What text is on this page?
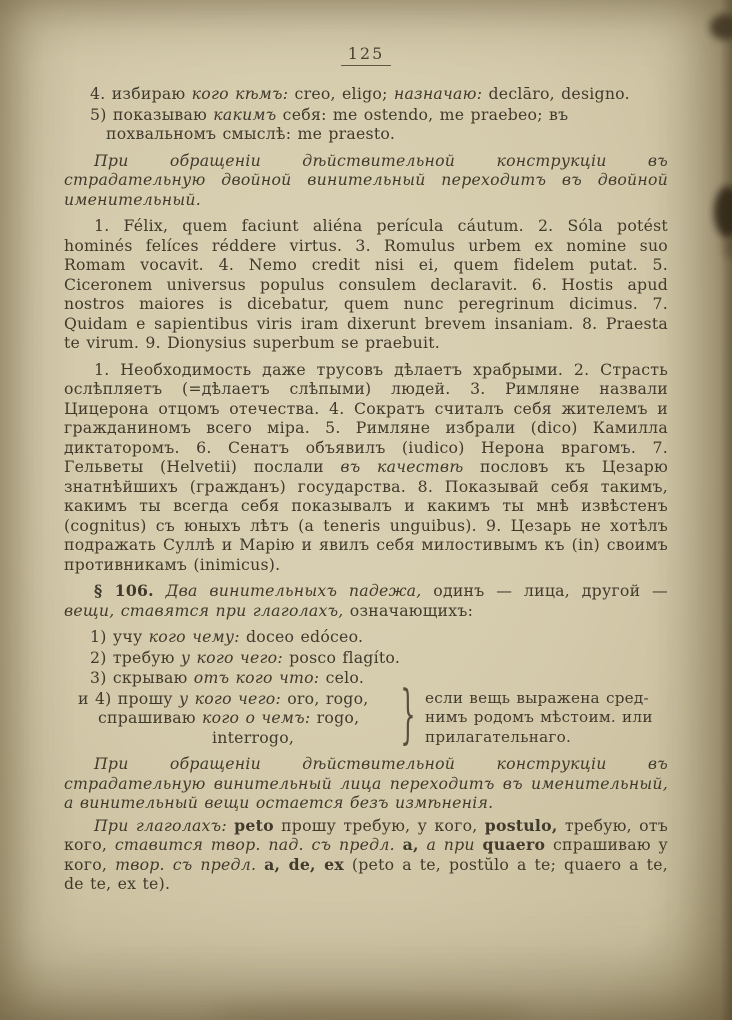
125

4. избираю кого кѣмъ: creo, eligo; назначаю: declāro, designo.

5) показываю какимъ себя: me ostendo, me praebeo; въ похвальномъ смыслѣ: me praesto.

При обращеніи дѣйствительной конструкціи въ страдательную двойной винительный переходитъ въ двойной именительный.

1. Félix, quem faciunt aliéna perícula cáutum. 2. Sóla potést hominés felíces réddere virtus. 3. Romulus urbem ex nomine suo Romam vocavit. 4. Nemo credit nisi ei, quem fidelem putat. 5. Ciceronem universus populus consulem declaravit. 6. Hostis apud nostros maiores is dicebatur, quem nunc peregrinum dicimus. 7. Quidam e sapientibus viris iram dixerunt brevem insaniam. 8. Praesta te virum. 9. Dionysius superbum se praebuit.

1. Необходимость даже трусовъ дѣлаетъ храбрыми. 2. Страсть ослѣпляетъ (=дѣлаетъ слѣпыми) людей. 3. Римляне назвали Цицерона отцомъ отечества. 4. Сократъ считалъ себя жителемъ и гражданиномъ всего міра. 5. Римляне избрали (dico) Камилла диктаторомъ. 6. Сенатъ объявилъ (iudico) Нерона врагомъ. 7. Гельветы (Helvetii) послали въ качествѣ пословъ къ Цезарю знатнѣйшихъ (гражданъ) государства. 8. Показывай себя такимъ, какимъ ты всегда себя показывалъ и какимъ ты мнѣ извѣстенъ (cognitus) съ юныхъ лѣтъ (a teneris unguibus). 9. Цезарь не хотѣлъ подражать Суллѣ и Марію и явилъ себя милостивымъ къ (in) своимъ противникамъ (inimicus).

§ 106. Два винительныхъ падежа, одинъ — лица, другой — вещи, ставятся при глаголахъ, означающихъ:

1) учу кого чему: doceo edóceo.

2) требую у кого чего: posco flagíto.

3) скрываю отъ кого что: celo.

и 4) прошу у кого чего: oro, rogo,
спрашиваю кого о чемъ: rogo,
interrogo,	} если вещь выражена сред-
нимъ родомъ мѣстоим. или
прилагательнаго.

При обращеніи дѣйствительной конструкціи въ страдательную винительный лица переходитъ въ именительный, а винительный вещи остается безъ измѣненія.

При глаголахъ: peto прошу требую, у кого, postulo, требую, отъ кого, ставится твор. пад. съ предл. a, а при quaero спрашиваю у кого, твор. съ предл. a, de, ex (peto a te, postŭlo a te; quaero a te, de te, ex te).
